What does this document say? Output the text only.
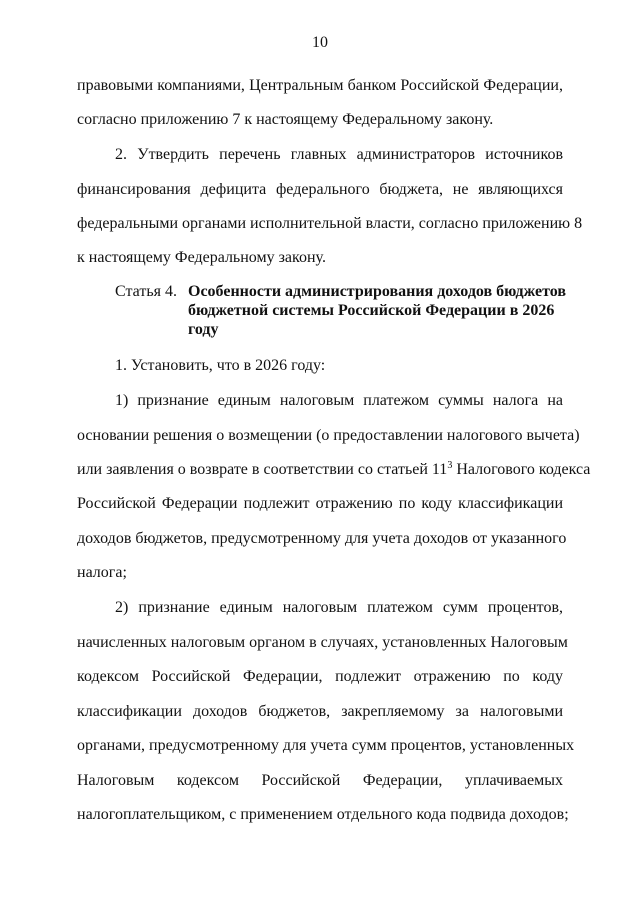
10
правовыми компаниями, Центральным банком Российской Федерации,
согласно приложению 7 к настоящему Федеральному закону.
2. Утвердить перечень главных администраторов источников
финансирования дефицита федерального бюджета, не являющихся
федеральными органами исполнительной власти, согласно приложению 8
к настоящему Федеральному закону.
Статья 4. Особенности администрирования доходов бюджетов
бюджетной системы Российской Федерации в 2026
году
1. Установить, что в 2026 году:
1) признание единым налоговым платежом суммы налога на
основании решения о возмещении (о предоставлении налогового вычета)
или заявления о возврате в соответствии со статьей $11^3$ Налогового кодекса
Российской Федерации подлежит отражению по коду классификации
доходов бюджетов, предусмотренному для учета доходов от указанного
налога;
2) признание единым налоговым платежом сумм процентов,
начисленных налоговым органом в случаях, установленных Налоговым
кодексом Российской Федерации, подлежит отражению по коду
классификации доходов бюджетов, закрепляемому за налоговыми
органами, предусмотренному для учета сумм процентов, установленных
Налоговым кодексом Российской Федерации, уплачиваемых
налогоплательщиком, с применением отдельного кода подвида доходов;
